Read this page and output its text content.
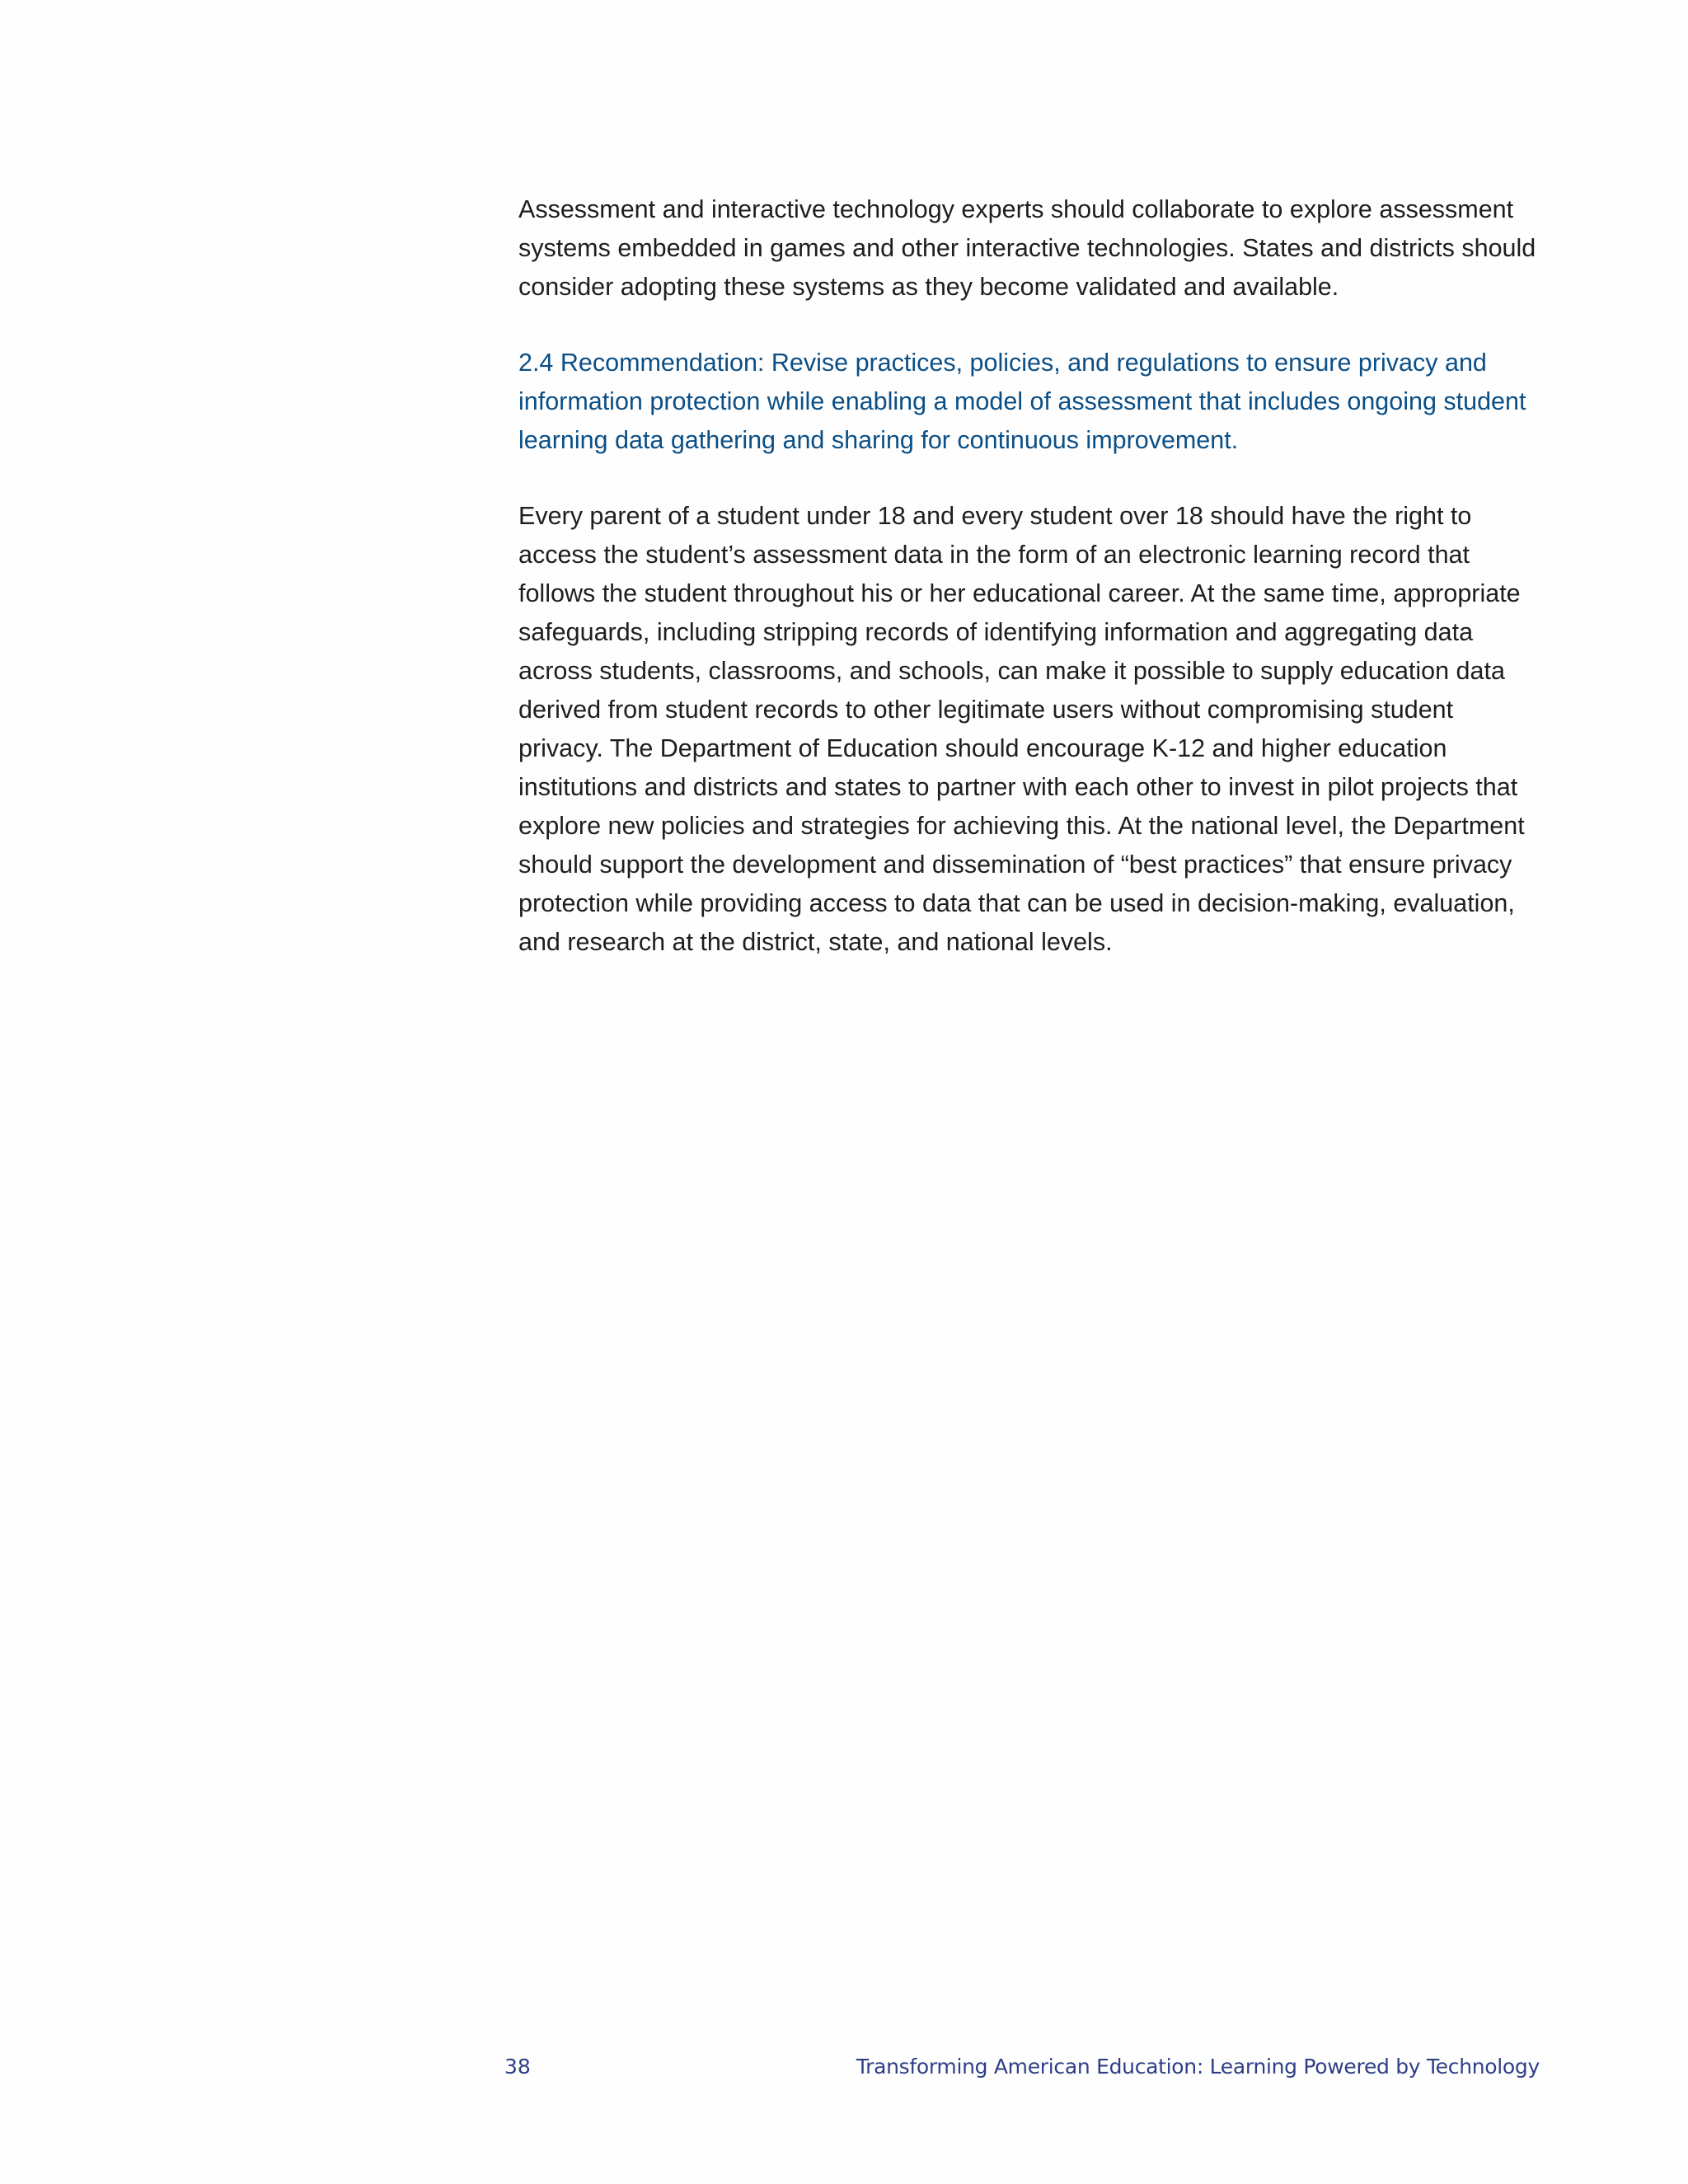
Assessment and interactive technology experts should collaborate to explore assessment systems embedded in games and other interactive technologies. States and districts should consider adopting these systems as they become validated and available.

2.4 Recommendation: Revise practices, policies, and regulations to ensure privacy and information protection while enabling a model of assessment that includes ongoing student learning data gathering and sharing for continuous improvement.

Every parent of a student under 18 and every student over 18 should have the right to access the student’s assessment data in the form of an electronic learning record that follows the student throughout his or her educational career. At the same time, appropriate safeguards, including stripping records of identifying information and aggregating data across students, classrooms, and schools, can make it possible to supply education data derived from student records to other legitimate users without compromising student privacy. The Department of Education should encourage K-12 and higher education institutions and districts and states to partner with each other to invest in pilot projects that explore new policies and strategies for achieving this. At the national level, the Department should support the development and dissemination of “best practices” that ensure privacy protection while providing access to data that can be used in decision-making, evaluation, and research at the district, state, and national levels.

38	Transforming American Education: Learning Powered by Technology
